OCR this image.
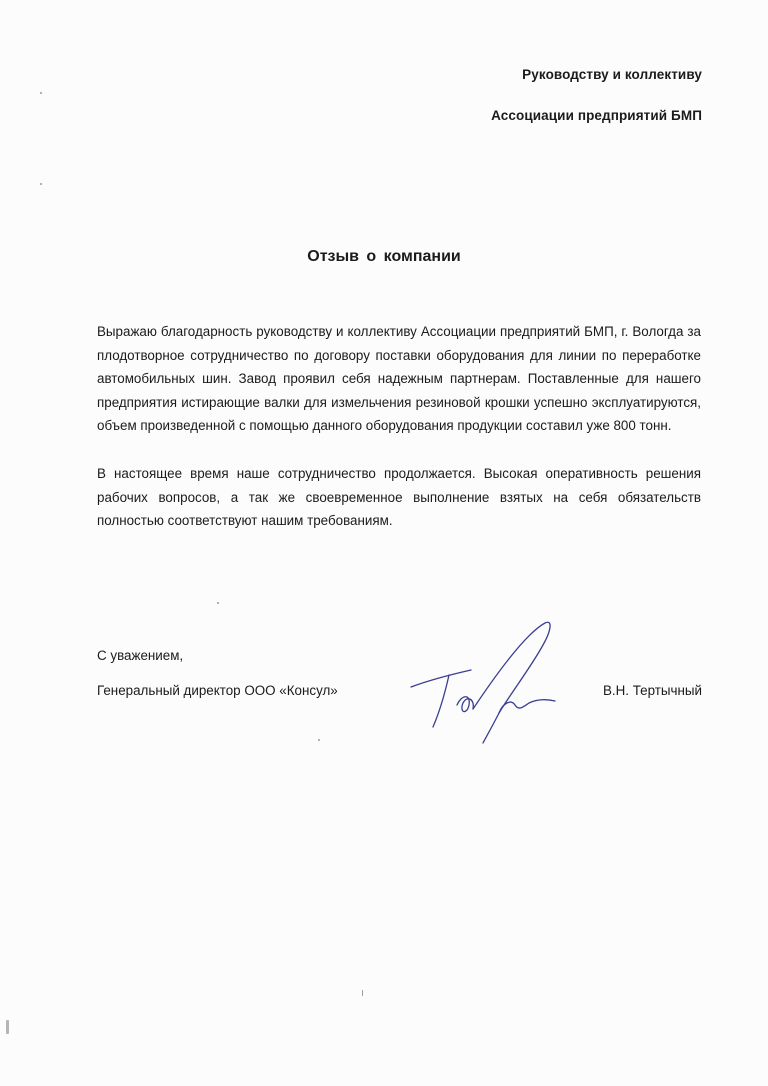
Руководству и коллективу
Ассоциации предприятий БМП
Отзыв о компании

Выражаю благодарность руководству и коллективу Ассоциации предприятий БМП, г. Вологда за плодотворное сотрудничество по договору поставки оборудования для линии по переработке автомобильных шин. Завод проявил себя надежным партнерам. Поставленные для нашего предприятия истирающие валки для измельчения резиновой крошки успешно эксплуатируются, объем произведенной с помощью данного оборудования продукции составил уже 800 тонн.

В настоящее время наше сотрудничество продолжается. Высокая оперативность решения рабочих вопросов, а так же своевременное выполнение взятых на себя обязательств полностью соответствуют нашим требованиям.

С уважением,
Генеральный директор ООО «Консул»	В.Н. Тертычный
